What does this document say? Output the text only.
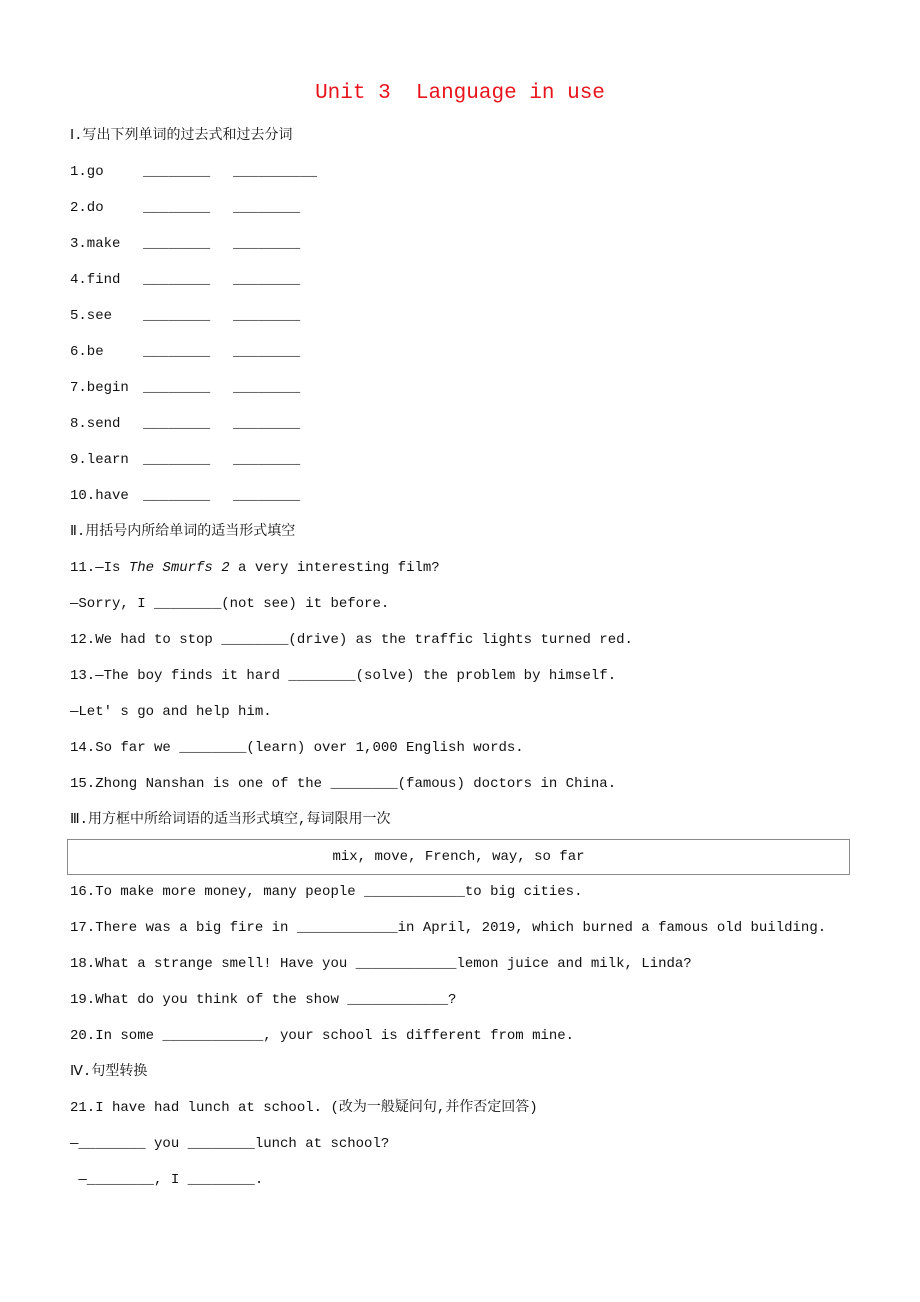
Unit 3  Language in use
Ⅰ.写出下列单词的过去式和过去分词
1.go	________ __________
2.do	________ ________
3.make ________ ________
4.find ________ ________
5.see ________ ________
6.be	________ ________
7.begin ________ ________
8.send ________ ________
9.learn ________ ________
10.have ________ ________
Ⅱ.用括号内所给单词的适当形式填空
11.—Is The Smurfs 2 a very interesting film?
—Sorry, I ________(not see) it before.
12.We had to stop ________(drive) as the traffic lights turned red.
13.—The boy finds it hard ________(solve) the problem by himself.
—Let' s go and help him.
14.So far we ________(learn) over 1,000 English words.
15.Zhong Nanshan is one of the ________(famous) doctors in China.
Ⅲ.用方框中所给词语的适当形式填空,每词限用一次
mix, move, French, way, so far
16.To make more money, many people ____________to big cities.
17.There was a big fire in ____________in April, 2019, which burned a famous old building.
18.What a strange smell! Have you ____________lemon juice and milk, Linda?
19.What do you think of the show ____________?
20.In some ____________, your school is different from mine.
Ⅳ.句型转换
21.I have had lunch at school. (改为一般疑问句,并作否定回答)
—________ you ________lunch at school?
—________, I ________.
